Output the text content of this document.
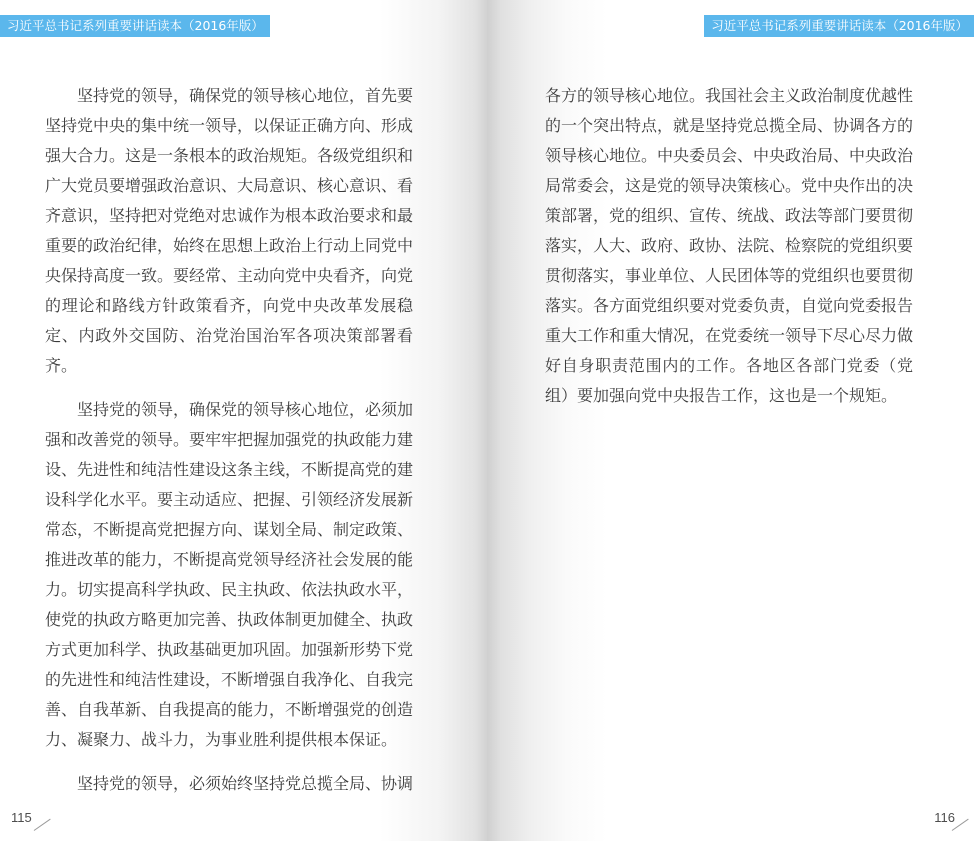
习近平总书记系列重要讲话读本（2016年版）

坚持党的领导，确保党的领导核心地位，首先要坚持党中央的集中统一领导，以保证正确方向、形成强大合力。这是一条根本的政治规矩。各级党组织和广大党员要增强政治意识、大局意识、核心意识、看齐意识，坚持把对党绝对忠诚作为根本政治要求和最重要的政治纪律，始终在思想上政治上行动上同党中央保持高度一致。要经常、主动向党中央看齐，向党的理论和路线方针政策看齐，向党中央改革发展稳定、内政外交国防、治党治国治军各项决策部署看齐。

坚持党的领导，确保党的领导核心地位，必须加强和改善党的领导。要牢牢把握加强党的执政能力建设、先进性和纯洁性建设这条主线，不断提高党的建设科学化水平。要主动适应、把握、引领经济发展新常态，不断提高党把握方向、谋划全局、制定政策、推进改革的能力，不断提高党领导经济社会发展的能力。切实提高科学执政、民主执政、依法执政水平，使党的执政方略更加完善、执政体制更加健全、执政方式更加科学、执政基础更加巩固。加强新形势下党的先进性和纯洁性建设，不断增强自我净化、自我完善、自我革新、自我提高的能力，不断增强党的创造力、凝聚力、战斗力，为事业胜利提供根本保证。

坚持党的领导，必须始终坚持党总揽全局、协调

115
习近平总书记系列重要讲话读本（2016年版）

各方的领导核心地位。我国社会主义政治制度优越性的一个突出特点，就是坚持党总揽全局、协调各方的领导核心地位。中央委员会、中央政治局、中央政治局常委会，这是党的领导决策核心。党中央作出的决策部署，党的组织、宣传、统战、政法等部门要贯彻落实，人大、政府、政协、法院、检察院的党组织要贯彻落实，事业单位、人民团体等的党组织也要贯彻落实。各方面党组织要对党委负责，自觉向党委报告重大工作和重大情况，在党委统一领导下尽心尽力做好自身职责范围内的工作。各地区各部门党委（党组）要加强向党中央报告工作，这也是一个规矩。

116
